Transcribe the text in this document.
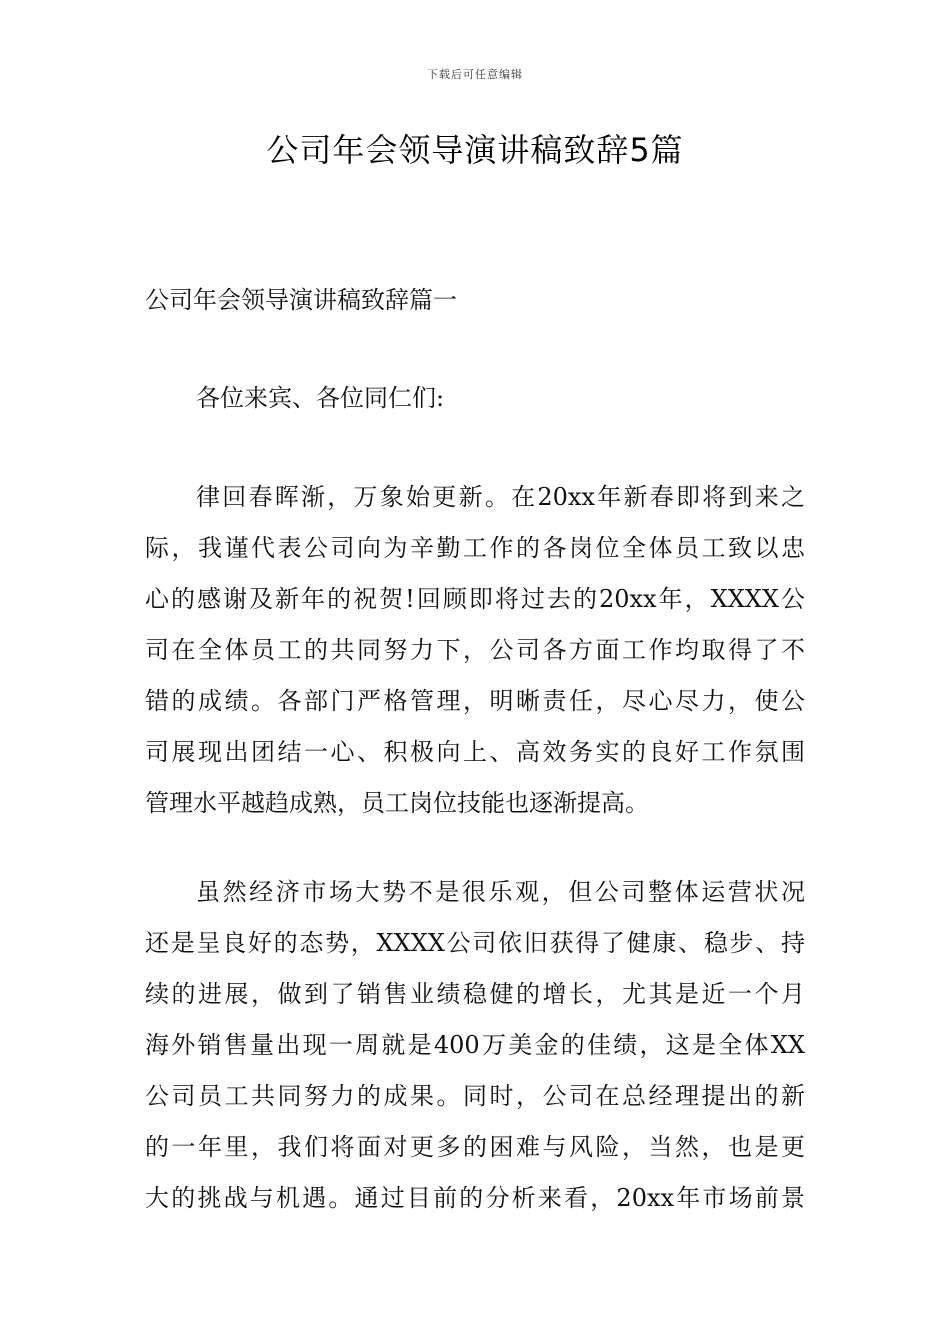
下载后可任意编辑
公司年会领导演讲稿致辞5篇
公司年会领导演讲稿致辞篇一
各位来宾、各位同仁们:
律回春晖渐，万象始更新。在20xx年新春即将到来之
际，我谨代表公司向为辛勤工作的各岗位全体员工致以忠
心的感谢及新年的祝贺!回顾即将过去的20xx年，XXXX公
司在全体员工的共同努力下，公司各方面工作均取得了不
错的成绩。各部门严格管理，明晰责任，尽心尽力，使公
司展现出团结一心、积极向上、高效务实的良好工作氛围
管理水平越趋成熟，员工岗位技能也逐渐提高。
虽然经济市场大势不是很乐观，但公司整体运营状况
还是呈良好的态势，XXXX公司依旧获得了健康、稳步、持
续的进展，做到了销售业绩稳健的增长，尤其是近一个月
海外销售量出现一周就是400万美金的佳绩，这是全体XX
公司员工共同努力的成果。同时，公司在总经理提出的新
的一年里，我们将面对更多的困难与风险，当然，也是更
大的挑战与机遇。通过目前的分析来看，20xx年市场前景
